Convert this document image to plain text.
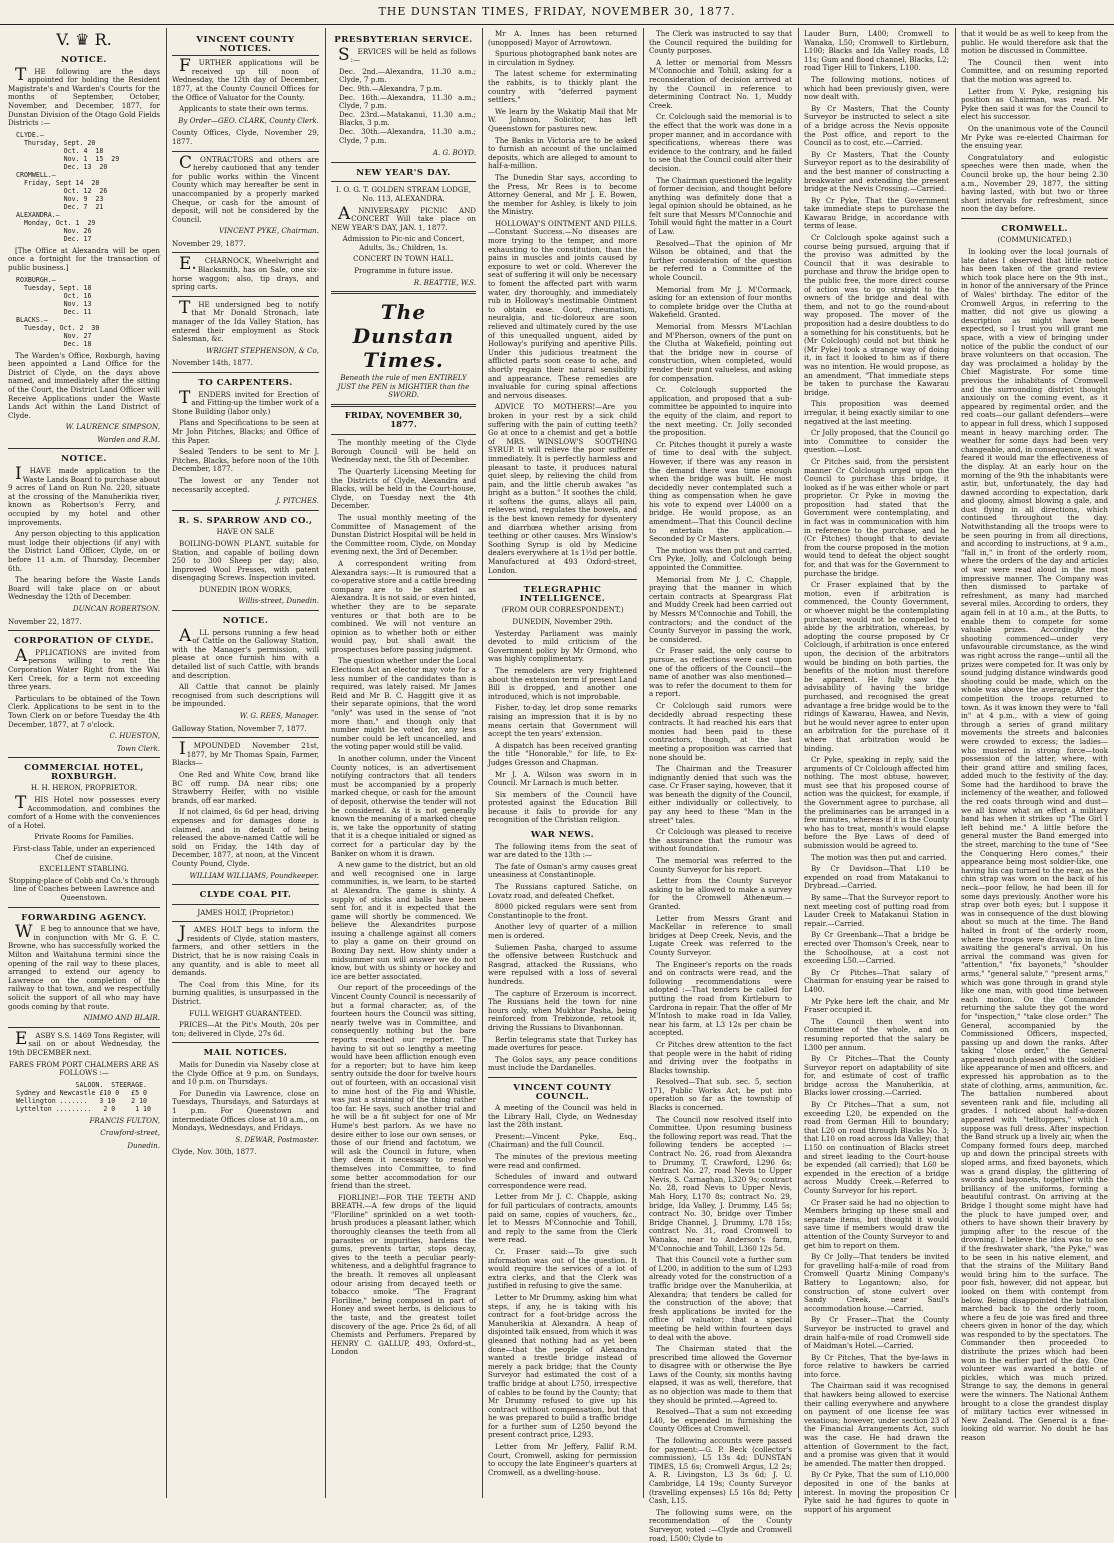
THE DUNSTAN TIMES, FRIDAY, NOVEMBER 30, 1877.
V. ♛ R.
NOTICE.

THE following are the days appointed for holding the Resident Magistrate's and Warden's Courts for the months of September, October, November, and December, 1877, for Dunstan Division of the Otago Gold Fields Districts :—

CLYDE.—
Thursday, Sept. 20
Oct. 4  18
Nov. 1  15  29
Dec. 13  20
CROMWELL.—
Friday, Sept 14  28
Oct. 12  26
Nov. 9  23
Dec. 7  21
ALEXANDRA.—
Monday, Oct. 1  29
Nov. 26
Dec. 17

[The Office at Alexandra will be open once a fortnight for the transaction of public business.]

ROXBURGH.—
Tuesday, Sept. 18
Oct. 16
Nov. 13
Dec. 11
BLACKS.—
Tuesday, Oct. 2  30
Nov. 27
Dec. 18

The Warden's Office, Roxburgh, having been appointed a Land Office for the District of Clyde, on the days above named, and immediately after the sitting of the Court, the District Land Officer will Receive Applications under the Waste Lands Act within the Land District of Clyde.

W. LAURENCE SIMPSON,
Warden and R.M.
NOTICE.

IHAVE made application to the Waste Lands Board to purchase about 9 acres of Land on Run No. 220, situate at the crossing of the Manuherikia river, known as Robertson's Ferry, and occupied by my hotel and other improvements.

Any person objecting to this application must lodge their objections (if any) with the District Land Officer, Clyde, on or before 11 a.m. of Thursday, December 6th.

The hearing before the Waste Lands Board will take place on or about Wednesday the 12th of December.

DUNCAN ROBERTSON.

November 22, 1877.

CORPORATION OF CLYDE.

APPLICATIONS are invited from persons willing to rent the Corporation Water Right from the Wai Keri Creek, for a term not exceeding three years.

Particulars to be obtained of the Town Clerk. Applications to be sent in to the Town Clerk on or before Tuesday the 4th December, 1877, at 7 o'clock.

C. HUESTON,
Town Clerk.
COMMERCIAL HOTEL, ROXBURGH.

H. H. HERON, PROPRIETOR.

THIS Hotel now possesses every Accommodation, and combines the comfort of a Home with the conveniences of a Hotel.

Private Rooms for Families.

First-class Table, under an experienced Chef de cuisine.

EXCELLENT STABLING.

Stopping-place of Cobb and Co.'s through line of Coaches between Lawrence and Queenstown.

FORWARDING AGENCY.

WE beg to announce that we have, in conjunction with Mr G. F. C. Browne, who has successfully worked the Milton and Waitahuna termini since the opening of the rail way to these places, arranged to extend our agency to Lawrence on the completion of the railway to that town, and we respectfully solicit the support of all who may have goods coming by that route.

NIMMO AND BLAIR.

EASBY S.S. 1469 Tons Register, will sail on or about Wednesday, the 19th DECEMBER next.

FARES FROM PORT CHALMERS ARE AS FOLLOWS :—

SALOON.  STEERAGE.
Sydney and Newcastle £10 0   £5 0
Wellington .......   3 10    2 10
Lyttelton .........   2 0     1 10
FRANCIS FULTON,
Crawford-street,
Dunedin.
VINCENT COUNTY NOTICES.

FURTHER applications will be received up till noon of Wednesday, the 12th day of December, 1877, at the County Council Offices for the Office of Valuator for the County.

Applicants to state their own terms.

By Order—GEO. CLARK, County Clerk.

County Offices, Clyde, November 29, 1877.

CONTRACTORS and others are hereby cautioned that any tender for public works within the Vincent County which may hereafter be sent in unaccompanied by a properly marked Cheque, or cash for the amount of deposit, will not be considered by the Council.

VINCENT PYKE, Chairman.

November 29, 1877.

E.CHARNOCK, Wheelwright and Blacksmith, has on Sale, one six-horse waggon; also, tip drays, and spring carts.

THE undersigned beg to notify that Mr Donald Stronach, late manager of the Ida Valley Station, has entered their employment as Stock Salesman, &c.

WRIGHT STEPHENSON, & Co,

November 14th, 1877.

TO CARPENTERS.

TENDERS invited for Erection of and Fitting-up the timber work of a Stone Building (labor only.)

Plans and Specifications to be seen at Mr John Pitches, Blacks; and Office of this Paper.

Sealed Tenders to be sent to Mr J. Pitches, Blacks, before noon of the 10th December, 1877.

The lowest or any Tender not necessarily accepted.

J. PITCHES.
R. S. SPARROW AND CO.,

HAVE ON SALE

BOILING-DOWN PLANT, suitable for Station, and capable of boiling down 250 to 300 Sheep per day; also, Improved Wool Presses, with patent disengaging Screws. Inspection invited.

DUNEDIN IRON WORKS,

Willis-street, Dunedin.
NOTICE.

ALL persons running a few head of Cattle on the Galloway Station, with the Manager's permission, will please at once furnish him with a detailed list of such Cattle, with brands and description.

All Cattle that cannot be plainly recognised from such descriptions will be impounded.

W. G. REES, Manager.

Galloway Station, November 7, 1877.

IMPOUNDED November 21st, 1877, by Mr Thomas Spain, Farmer, Blacks—

One Red and White Cow, brand like BC off rump. DA near ribs; one Strawberry Heifer, with no visible brands, off ear marked.

If not claimed, 6s 6d per head, driving expenses and for damages done is claimed, and in default of being released the above-named Cattle will be sold on Friday, the 14th day of December, 1877, at noon, at the Vincent County Pound, Clyde.

WILLIAM WILLIAMS, Poundkeeper.
CLYDE COAL PIT.

JAMES HOLT, (Proprietor.)

JAMES HOLT begs to inform the residents of Clyde, station masters, farmers, and other settlers in the District, that he is now raising Coals in any quantity, and is able to meet all demands.

The Coal from this Mine, for its burning qualities, is unsurpassed in the District.

FULL WEIGHT GUARANTEED.

PRICES—At the Pit's Mouth, 20s per ton; delivered in Clyde, 27s 6d.

MAIL NOTICES.

Mails for Dunedin via Naseby close at the Clyde Office at 9 p.m. on Sundays, and 10 p.m. on Thursdays.

For Dunedin via Lawrence, close on Tuesdays, Thursdays, and Saturdays at 1 p.m. For Queenstown and intermediate Offices close at 10 a.m., on Mondays, Wednesdays, and Fridays.

S. DEWAR, Postmaster.

Clyde, Nov. 30th, 1877.

PRESBYTERIAN SERVICE.

SERVICES will be held as follows :—

Dec. 2nd.—Alexandra, 11.30 a.m.; Clyde, 7 p.m.
Dec. 9th.—Alexandra, 7 p.m.
Dec. 16th.—Alexandra, 11.30 a.m.; Clyde, 7 p.m.
Dec. 23rd.—Matakanui, 11.30 a.m.; Blacks, 3 p.m.
Dec. 30th.—Alexandra, 11.30 a.m.; Clyde, 7 p.m.
A. G. BOYD.
NEW YEAR'S DAY.

I. O. G. T. GOLDEN STREAM LODGE, No. 113, ALEXANDRA.

ANNIVERSARY PICNIC AND CONCERT Will take place on NEW YEAR'S DAY, JAN. 1, 1877.

Admission to Pic-nic and Concert, Adults, 3s.; Children, 1s.

CONCERT IN TOWN HALL.

Programme in future issue.

R. BEATTIE, W.S.
The Dunstan Times.
Beneath the rule of men ENTIRELY JUST the PEN is MIGHTIER than the SWORD.
FRIDAY, NOVEMBER 30, 1877.

The monthly meeting of the Clyde Borough Council will be held on Wednesday next, the 5th of December.

The Quarterly Licensing Meeting for the Districts of Clyde, Alexandra and Blacks, will be held in the Court-house, Clyde, on Tuesday next the 4th December.

The usual monthly meeting of the Committee of Management of the Dunstan District Hospital will be held in the Committee room, Clyde, on Monday evening next, the 3rd of December.

A correspondent writing from Alexandra says:—It is rumoured that a co-operative store and a cattle breeding company are to be started as Alexandra. It is not said, or even hinted, whether they are to be separate ventures or that both are to be combined. We will not venture an opinion as to whether both or either would pay, but shall await the prospectuses before passing judgment.

The question whether under the Local Elections Act an elector may vote for a less number of the candidates than is required, was lately raised. Mr James Reid and Mr B. C. Haggitt give it as their separate opinions, that the word "only" was used in the sense of "not more than," and though only that number might be voted for, any less number could be left uncancelled, and the voting paper would still be valid.

In another column, under the Vincent County notices, is an advertisement notifying contractors that all tenders must be accompanied by a properly marked cheque, or cash for the amount of deposit, otherwise the tender will not be considered. As it is not generally known the meaning of a marked cheque is, we take the opportunity of stating that it is a cheque initialed or signed as correct for a particular day by the Banker on whom it is drawn.

A new game to the district, but an old and well recognised one in large communities, is, we learn, to be started at Alexandra. The game is shinty. A supply of sticks and balls have been sent for, and it is expected that the game will shortly be commenced. We believe the Alexandrites purpose issuing a challenge against all comers to play a game on their ground on Boxing Day next. How shinty under a midsummer sun will answer we do not know, but with us shinty or hockey and ice are better associated.

Our report of the proceedings of the Vincent County Council is necessarily of but a formal character, as, of the fourteen hours the Council was sitting, nearly twelve was in Committee, and consequently nothing but the bare reports reached our reporter. The having to sit out so lengthy a meeting would have been affliction enough even for a reporter; but to have him keep sentry outside the door for twelve hours out of fourteen, with an occasional visit to mine host of the Fig and Whistle, was just a straining of the thing rather too far. He says, such another trial and he will be a fit subject for one of Mr Hume's best parlors. As we have no desire either to lose our own senses, or those of our friend and factotum, we will ask the Council in future, when they deem it necessary to resolve themselves into Committee, to find some better accommodation for our friend than the street.

FIORLINE!—FOR THE TEETH AND BREATH.—A few drops of the liquid "Floriline" sprinkled on a wet tooth-brush produces a pleasant lather, which thoroughly cleanses the teeth from all parasites or impurities, hardens the gums, prevents tartar, stops decay, gives to the teeth a peculiar pearly-whiteness, and a delightful fragrance to the breath. It removes all unpleasant odour arising from decayed teeth or tobacco smoke. "The Fragrant Floriline," being composed in part of Honey and sweet herbs, is delicious to the taste, and the greatest toilet discovery of the age. Price 2s 6d, of all Chemists and Perfumers. Prepared by HENRY C. GALLUP, 493, Oxford-st., London

Mr A. Innes has been returned (unopposed) Mayor of Arrowtown.

Spurious photographed bank notes are in circulation in Sydney.

The latest scheme for exterminating the rabbits, is to thickly plant the country with "deferred payment settlers."

We learn by the Wakatip Mail that Mr W. Johnson, Solicitor, has left Queenstown for pastures new.

The Banks in Victoria are to be asked to furnish an account of the unclaimed deposits, which are alleged to amount to half-a-million.

The Dunedin Star says, according to the Press, Mr Rees is to become Attorney General, and Mr J. E. Bowen, the member for Ashley, is likely to join the Ministry.

HOLLOWAY'S OINTMENT AND PILLS.—Constant Success.—No diseases are more trying to the temper, and more exhausting to the constitution, than the pains in muscles and joints caused by exposure to wet or cold. Wherever the seat of suffering it will only be necessary to foment the affected part with warm water, dry thoroughly, and immediately rub in Holloway's inestimable Ointment to obtain ease. Gout, rheumatism, neuralgia, and tic-doloreux are soon relieved and ultimately cured by the use of this unequalled unguent, aided by Holloway's purifying and aperitive Pills. Under this judicious treatment the afflicted parts soon cease to ache, and shortly regain their natural sensibility and appearance. These remedies are invaluable for curing spinal affections and nervous diseases.

ADVICE TO MOTHERS!—Are you broken in your rest by a sick child suffering with the pain of cutting teeth? Go at once to a chemist and get a bottle of MRS. WINSLOW'S SOOTHING SYRUP. It will relieve the poor sufferer immediately. It is perfectly harmless and pleasant to taste, it produces natural quiet sleep, by relieving the child from pain, and the little cherub awakes "as bright as a button." It soothes the child, it softens the gums, allays all pain, relieves wind, regulates the bowels, and is the best known remedy for dysentery and diarrhœa whether arising from teething or other causes. Mrs Winslow's Soothing Syrup is old by Medicine dealers everywhere at 1s 1½d per bottle. Manufactured at 493 Oxford-street, London.

TELEGRAPHIC INTELLIGENCE.

(FROM OUR CORRESPONDENT.)

DUNEDIN, November 29th.

Yesterday Parliament was mainly devoted to mild criticism of the Government policy by Mr Ormond, who was highly complimentary.

The remodelers are very frightened about the extension term if present Land Bill is dropped, and another one introduced, which is not improbable.

Fisher, to-day, let drop some remarks raising an impression that it is by no means certain that Government will accept the ten years' extension.

A dispatch has been received granting the title "Honorable," for life, to Ex-Judges Gresson and Chapman.

Mr J. A. Wilson was sworn in in Council. Mr Larnach is much better.

Six members of the Council have protested against the Education Bill because it fails to provide for any recognition of the Christian religion.

WAR NEWS.

The following items from the seat of war are dated to the 13th :—

The fate of Osman's army causes great uneasiness at Constantinople.

The Russians captured Satiche, on Lovatz road, and defeated Chefket.

8000 picked regulars were sent from Constantinople to the front.

Another levy of quarter of a million men is ordered.

Suliemen Pasha, charged to assume the offensive between Rustchuck and Rasgrad, attacked the Russians, who were repulsed with a loss of several hundreds.

The capture of Erzeroum is incorrect. The Russians held the town for nine hours only, when Mukhtar Pasha, being reinforced from Trebizonde, retook it, driving the Russians to Divanbonnan.

Berlin telegrams state that Turkey has made overtures for peace.

The Golos says, any peace conditions must include the Dardanelles.

VINCENT COUNTY COUNCIL.

A meeting of the Council was held in the Library Hall, Clyde, on Wednesday last the 28th instant.

Present:—Vincent Pyke, Esq., (Chairman) and the full Council.

The minutes of the previous meeting were read and confirmed.

Schedules of inward and outward correspondence were read.

Letter from Mr J. C. Chapple, asking for full particulars of contracts, amounts paid on same, copies of vouchers, &c., let to Messrs M'Connochie and Tohill, and reply to the same from the Clerk were read.

Cr. Fraser said:—To give such information was out of the question. It would require the services of a lot of extra clerks, and that the Clerk was justified in refusing to give the same.

Letter to Mr Drummy, asking him what steps, if any, he is taking with his contract for a foot-bridge across the Manuherikia at Alexandra. A heap of disjointed talk ensued, from which it was gleaned that nothing had as yet been done—that the people of Alexandra wanted a trestle bridge instead of merely a pack bridge; that the County Surveyor had estimated the cost of a traffic bridge at about L750, irrespective of cables to be found by the County; that Mr Drummy refused to give up his contract without compensation, but that he was prepared to build a traffic bridge for a further sum of L250 beyond the present contract price, L293.

Letter from Mr Jeffery, Fallif R.M. Court, Cromwell, asking for permission to occupy the late Engineer's quarters at Cromwell, as a dwelling-house.

The Clerk was instructed to say that the Council required the building for County purposes.

A letter or memorial from Messrs M'Connochie and Tohill, asking for a reconsideration of decision arrived at by the Council in reference to determining Contract No. 1, Muddy Creek.

Cr. Colclough said the memorial is to the effect that the work was done in a proper manner, and in accordance with specifications, whereas there was evidence to the contrary, and he failed to see that the Council could alter their decision.

The Chairman questioned the legality of former decision, and thought before anything was definitely done that a legal opinion should be obtained, as he felt sure that Messrs M'Connochie and Tohill would fight the matter in a Court of Law.

Resolved—That the opinion of Mr Wilson be obtained, and that the further consideration of the question be referred to a Committee of the whole Council.

Memorial from Mr J. M'Cormack, asking for an extension of four months to complete bridge over the Clutha at Wakefield. Granted.

Memorial from Messrs M'Lachlan and M'Pherson, owners of the punt on the Clutha at Wakefield, pointing out that the bridge now in course of construction, when completed, would render their punt valueless, and asking for compensation.

Cr. Colclough supported the application, and proposed that a sub-committee be appointed to inquire into the equity of the claim, and report to the next meeting. Cr. Jolly seconded the proposition.

Cr. Pitches thought it purely a waste of time to deal with the subject. However, if there was any reason in the demand there was time enough when the bridge was built. He most decidedly never contemplated such a thing as compensation when he gave his vote to expend over L4000 on a bridge. He would propose, as an amendment—That this Council decline to entertain the application.—Seconded by Cr Masters.

The motion was then put and carried, Crs Pyke, Jolly, and Colclough being appointed the Committee.

Memorial from Mr J. C. Chapple, praying that the manner in which certain contracts at Speargrass Flat and Muddy Creek had been carried out by Messrs M'Connochie and Tohill, the contractors; and the conduct of the County Surveyor in passing the work, be considered.

Cr Fraser said, the only course to pursue, as reflections were cast upon one of the officers of the Council—the name of another was also mentioned—was to refer the document to them for a report.

Cr Colclough said rumors were decidedly abroad respecting these contracts. It had reached his ears that monies had been paid to these contractors, though, at the last meeting a proposition was carried that none should be.

The Chairman and the Treasurer indignantly denied that such was the case. Cr Fraser saying, however, that it was beneath the dignity of the Council, either individually or collectively, to pay any heed to these "Man in the street" tales.

Cr Colclough was pleased to receive the assurance that the rumour was without foundation.

The memorial was referred to the County Surveyor for his report.

Letter from the County Surveyor asking to be allowed to make a survey for the Cromwell Athenæum.—Granted.

Letter from Messrs Grant and MacKellar in reference to small bridges at Deep Creek, Nevis, and the Lugate Creek was referred to the County Surveyor.

The Engineer's reports on the roads and on contracts were read, and the following recommendations were adopted :—That tenders be called for putting the road from Kirtleburn to Cardrona in repair. That the offer of Mr M'Intosh to make road in Ida Valley, near his farm, at L3 12s per chain be accepted.

Cr Pitches drew attention to the fact that people were in the habit of riding and driving over the footpaths in Blacks township.

Resolved—That sub. sec. 5, section 171, Public Works Act, be put into operation so far as the township of Blacks is concerned.

The Council now resolved itself into Committee. Upon resuming business the following report was read. That the following tenders be accepted :—Contract No. 26, road from Alexandra to Drummy, T. Crawford, L296 6s; contract No. 27, road Nevis to Upper Nevis, S. Carnaghan, L320 9s; contract No. 28, road Nevis to Upper Nevis, Mah Hory, L170 8s; contract No. 29, bridge, Ida Valley, J. Drummy, L45 5s; contract No. 30, bridge over Timber Bridge Channel, J. Drummy, L78 15s; contract No. 31, road Cromwell to Wanaka, near to Anderson's farm, M'Connochie and Tohill, L360 12s 5d.

That this Council vote a further sum of L200, in addition to the sum of L293 already voted for the construction of a traffic bridge over the Manuherikia, at Alexandra; that tenders be called for the construction of the above; that fresh applications be invited for the office of valuator; that a special meeting be held within fourteen days to deal with the above.

The Chairman stated that the prescribed time allowed the Governor to disagree with or otherwise the Bye Laws of the County, six months having elapsed, it was as well, therefore, that as no objection was made to them that they should be printed.—Agreed to.

Resolved—That a sum not exceeding L40, be expended in furnishing the County Offices at Cromwell.

The following accounts were passed for payment:—G. P. Beck (collector's commission), L5 13s 4d; DUNSTAN TIMES, L5 6s; Cromwell Argus, L2 2s; A. R. Livingston, L3 3s 6d; J. U. Cambridge, L4 19s; County Surveyor (travelling expenses) L5 16s 8d; Petty Cash, L15.

The following sums were, on the recommendation of the County Surveyor, voted :—Clyde and Cromwell road, L500; Clyde to

Lauder Burn, L400; Cromwell to Wanaka, L50; Cromwell to Kirtleburn, L100; Blacks and Ida Valley roads, L8 11s; Gum and flood channel, Blacks, L2; road Tiger Hill to Tinkers, L100.

The following motions, notices of which had been previously given, were now dealt with.

By Cr Masters, That the County Surveyor be instructed to select a site of a bridge across the Nevis opposite the Post office, and report to the Council as to cost, etc.—Carried.

By Cr Masters, That the County Surveyor report as to the desirability of and the best manner of constructing a breakwater and extending the present bridge at the Nevis Crossing.—Carried.

By Cr Pyke, That the Government take immediate steps to purchase the Kawarau Bridge, in accordance with terms of lease.

Cr Colclough spoke against such a course being pursued, arguing that if the proviso was admitted by the Council that it was desirable to purchase and throw the bridge open to the public free, the more direct course of action was to go straight to the owners of the bridge and deal with them, and not to go the round-about way proposed. The mover of the proposition had a desire doubtless to do a something for his constituents, but he (Mr Colclough) could not but think he (Mr Pyke) took a strange way of doing it, in fact it looked to him as if there was no intention. He would propose, as an amendment, "That immediate steps be taken to purchase the Kawarau bridge.

This proposition was deemed irregular, it being exactly similar to one negatived at the last meeting.

Cr Jolly proposed, that the Council go into Committee to consider the question.—Lost.

Cr Pitches said, from the persistent manner Cr Colclough urged upon the Council to purchase this bridge, it looked as if he was either whole or part proprietor. Cr Pyke in moving the proposition had stated that the Government were contemplating, and in fact was in communication with him in reference to the purchase, and he (Cr Pitches) thought that to deviate from the course proposed in the motion would tend to defeat the object sought for, and that was for the Government to purchase the bridge.

Cr Fraser explained that by the motion, even if arbitration is commenced, the County Government, or whoever might be the contemplating purchaser, would not be compelled to abide by the arbitration, whereas, by adopting the course proposed by Cr Colclough, if arbitration is once entered upon, the decision of the arbitrators would be binding on both parties, the benefits of the motion must therefore be apparent. He fully saw the advisability of having the bridge purchased, and recognised the great advantage a free bridge would be to the ridings of Kawarau, Hawea, and Nevis, but he would never agree to enter upon an arbitration for the purchase of it where that arbitration would be binding.

Cr Pyke, speaking in reply, said the arguments of Cr Colclough affected him nothing. The most obtuse, however, must see that his proposed course of action was the quickest, for example, if the Government agree to purchase, all the preliminaries can be arranged in a few minutes, whereas if it is the County who has to treat, month's would elapse before the Bye Laws of deed of submission would be agreed to.

The motion was then put and carried.

By Cr Davidson—That L10 be expended on road from Matakanui to Drybread.—Carried.

By same—That the Surveyor report to next meeting cost of putting road from Lauder Creek to Matakanui Station in repair.—Carried.

By Cr Greenbank—That a bridge be erected over Thomson's Creek, near to the Schoolhouse, at a cost not exceeding L50.—Carried.

By Cr Pitches—That salary of Chairman for ensuing year be raised to L400.

Mr Pyke here left the chair, and Mr Fraser occupied it.

The Council then went into Committee of the whole, and on resuming reported that the salary be L300 per annum.

By Cr Pitches—That the County Surveyor report on adaptability of site for, and estimate of cost of traffic bridge across the Manuherikia, at Blacks lower crossing.—Carried.

By Cr Pitches—That a sum, not exceeding L20, be expended on the road from German Hill to boundary; that L20 on road through Blacks No. 3; that L10 on road across Ida Valley; that L150 on continuation of Blacks street and street leading to the Court-house be expended (all carried); that L60 be expended in the erection of a bridge across Muddy Creek.—Referred to County Surveyor for his report.

Cr Fraser said he had no objection to Members bringing up these small and separate items, but thought it would save time if members would draw the attention of the County Surveyor to and get him to report on them.

By Cr Jolly—That tenders be invited for gravelling half-a-mile of road from Cromwell Quartz Mining Company's Battery to Logantown; also, for construction of stone culvert over Sandy Creek, near Saul's accommodation house.—Carried.

By Cr Fraser—That the County Surveyor be instructed to gravel and drain half-a-mile of road Cromwell side of Maidman's Hotel.—Carried.

By Cr Pitches, That the bye-laws in force relative to hawkers be carried into force.

The Chairman said it was recognised that hawkers being allowed to exercise their calling everywhere and anywhere on payment of one license fee was vexatious; however, under section 23 of the Financial Arrangements Act, such was the case. He had drawn the attention of Government to the fact, and a promise was given that it would be amended. The matter then dropped.

By Cr Pyke, That the sum of L10,000 deposited in one of the banks at interest. In moving the proposition Cr Pyke said he had figures to quote in support of his argument

that it would be as well to keep from the public. He would therefore ask that the motion be discussed in Committee.

The Council then went into Committee, and on resuming reported that the motion was agreed to.

Letter from V. Pyke, resigning his position as Chairman, was read. Mr Pyke then said it was for the Council to elect his successor.

On the unanimous vote of the Council Mr Pyke was re-elected Chairman for the ensuing year.

Congratulatory and eulogistic speeches were then made, when the Council broke up, the hour being 2.30 a.m., November 29, 1877, the sitting having lasted, with but two or three short intervals for refreshment, since noon the day before.

CROMWELL.

(COMMUNICATED.)

In looking over the local journals of late dates I observed that little notice has been taken of the grand review which took place here on the 9th inst., in honor of the anniversary of the Prince of Wales' birthday. The editor of the Cromwell Argus, in referring to the matter, did not give us glowing a description as might have been expected, so I trust you will grant me space, with a view of bringing under notice of the public the conduct of our brave volunteers on that occasion. The day was proclaimed a holiday by the Chief Magistrate. For some time previous the inhabitants of Cromwell and the surrounding district thought anxiously on the coming event, as it appeared by regimental order, and the red coats—our gallant defenders—were to appear in full dress, which I supposed meant in heavy marching order. The weather for some days had been very changeable, and, in consequence, it was feared it would mar the effectiveness of the display. At an early hour on the morning of the 9th the inhabitants were astir, but, unfortunately, the day had dawned according to expectation, dark and gloomy, almost blowing a gale, and dust flying in all directions, which continued throughout the day. Notwithstanding all the troops were to be seen pouring in from all directions, and according to instructions, at 9 a.m., "fall in," in front of the orderly room, where the orders of the day and articles of war were read aloud in the most impressive manner. The Company was then dismissed to partake of refreshment, as many had marched several miles. According to orders, they again fell in at 10 a.m., at the Butts, to enable them to compete for some valuable prizes. Accordingly the shooting commenced—under very unfavourable circumstance, as the wind was right across the range—until all the prizes were competed for. It was only by sound judging distance windwards good shooting could be made, which on the whole was above the average. After the competition the troops returned to town. As it was known they were to "fall in" at 4 p.m., with a view of going through a series of grand military movements the streets and balconies were crowded to excess; the ladies—who mustered in strong force—took possession of the latter, where, with their grand attire and smiling faces, added much to the festivity of the day. Some had the hardihood to brave the inclemency of the weather, and followed the red coats through wind and dust—we all know what an effect a military band has when it strikes up "The Girl I left behind me." A little before the general muster the Band emerged into the street, marching to the tune of "See the Conquering Hero comes," their appearance being most soldier-like, one having his cap turned to the rear, as the chin strap was worn on the back of his neck—poor fellow, he had been ill for some days previously. Another wore his strap over both eyes; but I suppose it was in consequence of the dust blowing about so much at the time. The Band halted in front of the orderly room, where the troops were drawn up in line awaiting the general's arrival. On his arrival the command was given for "attention," "fix bayonets," "shoulder arms," "general salute," "present arms," which was gone through in grand style like one man, with good time between each motion. On the Commander returning the salute they got the word for "inspection," "take close order." The General, accompanied by the Commissioned Officers, inspected, passing up and down the ranks. After taking "close order," the General appeared much pleased with the soldier-like appearance of men and officers, and expressed his approbation as to the state of clothing, arms, ammunition, &c. The battalion numbered about seventeen rank and file, including all grades. I noticed about half-a-dozen appeared with "telltoppers," which I suppose was full dress. After inspection the Band struck up a lively air, when the Company formed fours deep, marched up and down the principal streets with sloped arms, and fixed bayonets, which was a grand display, the glittering of swords and bayonets, together with the brilliancy of the uniforms, forming a beautiful contrast. On arriving at the Bridge I thought some might have had the pluck to have jumped over, and others to have shown their bravery by jumping after to the rescue of the drowning. I believe the idea was to see if the freshwater shark, "the Pyke," was to be seen in his native element, and that the strains of the Military Band would bring him to the surface. The poor fish, however, did not appear, but looked on them with contempt from below. Being disappointed the battalion marched back to the orderly room, where a feu de joie was fired and three cheers given in honor of the day, which was responded to by the spectators. The Commander then proceeded to distribute the prizes which had been won in the earlier part of the day. One volunteer was awarded a bottle of pickles, which was much prized. Strange to say, the demons in general were the winners. The National Anthem brought to a close the grandest display of military tactics ever witnessed in New Zealand. The General is a fine-looking old warrior. No doubt he has reason
